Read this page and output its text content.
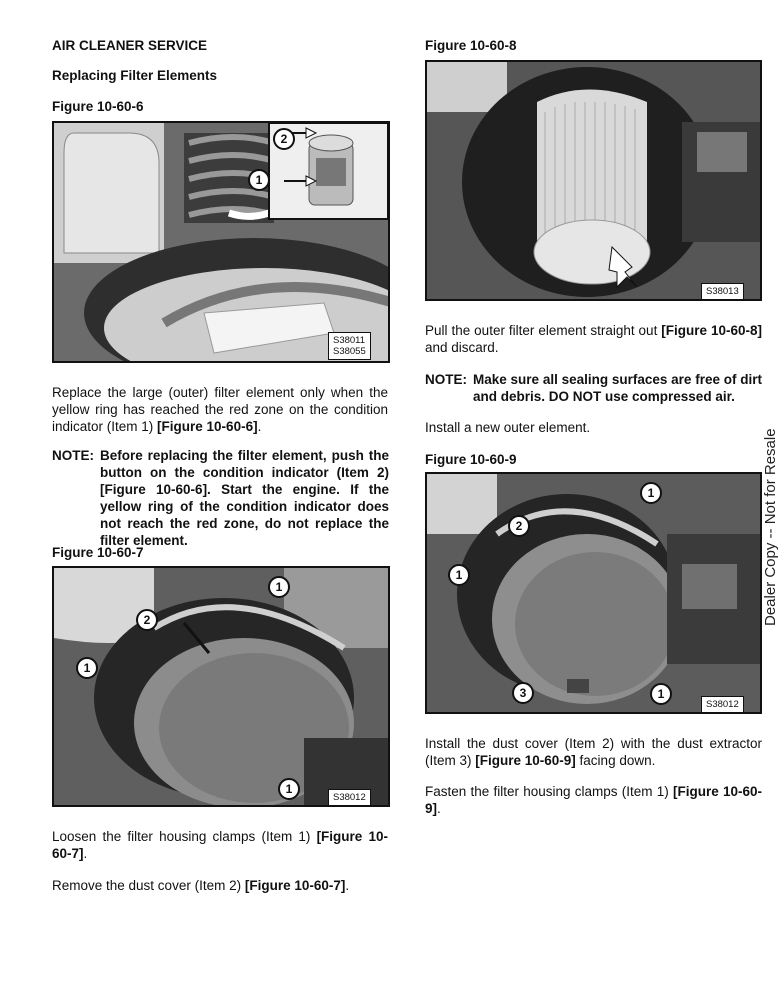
AIR CLEANER SERVICE
Replacing Filter Elements
Figure 10-60-6
2
1
S38011
S38055
Replace the large (outer) filter element only when the yellow ring has reached the red zone on the condition indicator (Item 1) [Figure 10-60-6].
NOTE: Before replacing the filter element, push the button on the condition indicator (Item 2) [Figure 10-60-6]. Start the engine. If the yellow ring of the condition indicator does not reach the red zone, do not replace the filter element.
Figure 10-60-7
1
2
1
1
S38012
Loosen the filter housing clamps (Item 1) [Figure 10-60-7].
Remove the dust cover (Item 2) [Figure 10-60-7].
Figure 10-60-8
S38013
Pull the outer filter element straight out [Figure 10-60-8] and discard.
NOTE: Make sure all sealing surfaces are free of dirt and debris. DO NOT use compressed air.
Install a new outer element.
Figure 10-60-9
1
2
1
3	1
S38012
Install the dust cover (Item 2) with the dust extractor (Item 3) [Figure 10-60-9] facing down.
Fasten the filter housing clamps (Item 1) [Figure 10-60-9].
Dealer Copy -- Not for Resale
